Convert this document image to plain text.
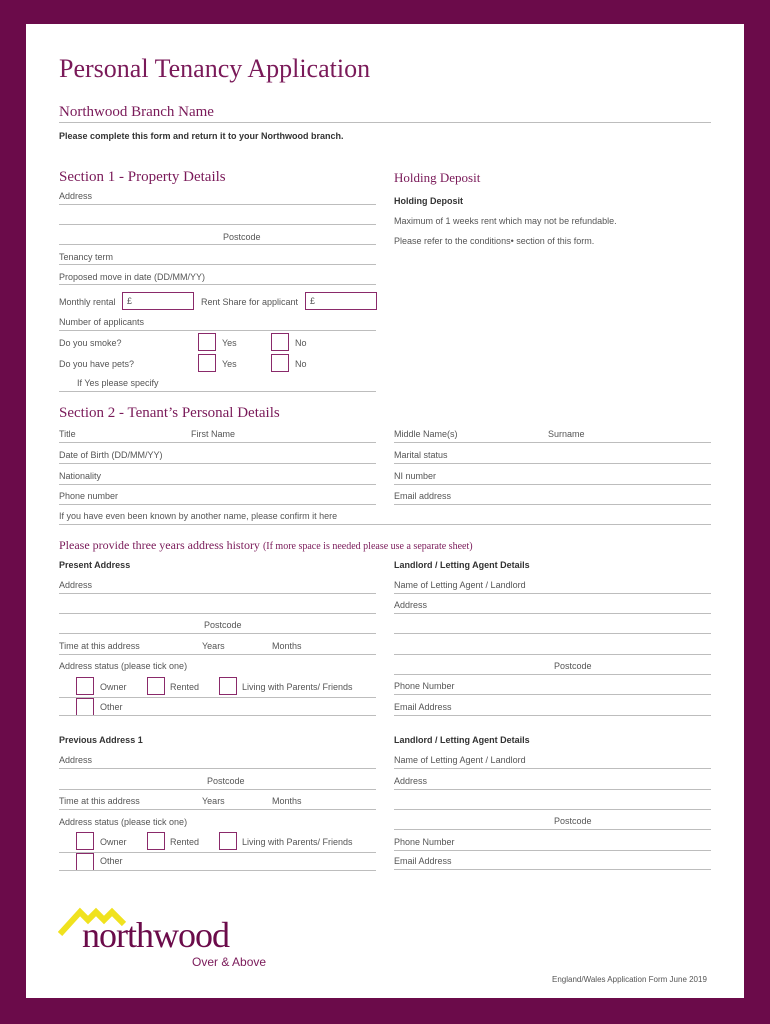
Personal Tenancy Application
Northwood Branch Name
Please complete this form and return it to your Northwood branch.
Section 1 - Property Details
Address
Postcode
Tenancy term
Proposed move in date (DD/MM/YY)
Monthly rental £	Rent Share for applicant £
Number of applicants
Do you smoke?	Yes	No
Do you have pets?	Yes	No
If Yes please specify
Holding Deposit
Holding Deposit
Maximum of 1 weeks rent which may not be refundable.
Please refer to the conditions• section of this form.
Section 2 - Tenant’s Personal Details
Title	First Name	Middle Name(s)	Surname
Date of Birth (DD/MM/YY)	Marital status
Nationality	NI number
Phone number	Email address
If you have even been known by another name, please confirm it here
Please provide three years address history (If more space is needed please use a separate sheet)
Present Address
Address
Postcode
Time at this address	Years	Months
Address status (please tick one)
Owner	Rented	Living with Parents/ Friends
Other
Landlord / Letting Agent Details
Name of Letting Agent / Landlord
Address
Postcode
Phone Number
Email Address
Previous Address 1
Address
Postcode
Time at this address	Years	Months
Address status (please tick one)
Owner	Rented	Living with Parents/ Friends
Other
Landlord / Letting Agent Details
Name of Letting Agent / Landlord
Address
Postcode
Phone Number
Email Address
northwood
Over & Above
England/Wales Application Form June 2019
